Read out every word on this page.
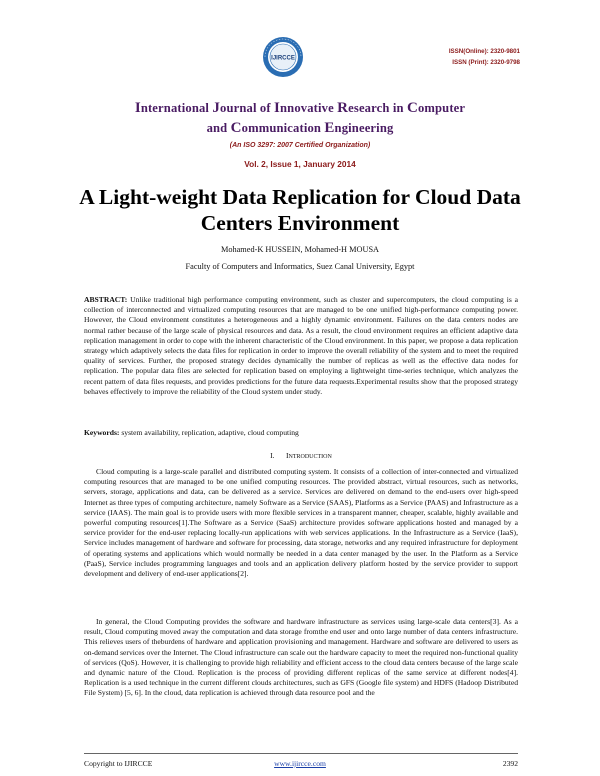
IJIRCCE
ISSN(Online): 2320-9801
ISSN (Print): 2320-9798
International Journal of Innovative Research in Computer
and Communication Engineering
(An ISO 3297: 2007 Certified Organization)
Vol. 2, Issue 1, January 2014
A Light-weight Data Replication for Cloud Data
Centers Environment
Mohamed-K HUSSEIN, Mohamed-H MOUSA
Faculty of Computers and Informatics, Suez Canal University, Egypt

ABSTRACT: Unlike traditional high performance computing environment, such as cluster and supercomputers, the cloud computing is a collection of interconnected and virtualized computing resources that are managed to be one unified high-performance computing power. However, the Cloud environment constitutes a heterogeneous and a highly dynamic environment. Failures on the data centers nodes are normal rather because of the large scale of physical resources and data. As a result, the cloud environment requires an efficient adaptive data replication management in order to cope with the inherent characteristic of the Cloud environment. In this paper, we propose a data replication strategy which adaptively selects the data files for replication in order to improve the overall reliability of the system and to meet the required quality of services. Further, the proposed strategy decides dynamically the number of replicas as well as the effective data nodes for replication. The popular data files are selected for replication based on employing a lightweight time-series technique, which analyzes the recent pattern of data files requests, and provides predictions for the future data requests.Experimental results show that the proposed strategy behaves effectively to improve the reliability of the Cloud system under study.

Keywords: system availability, replication, adaptive, cloud computing

I. INTRODUCTION

Cloud computing is a large-scale parallel and distributed computing system. It consists of a collection of inter-connected and virtualized computing resources that are managed to be one unified computing resources. The provided abstract, virtual resources, such as networks, servers, storage, applications and data, can be delivered as a service. Services are delivered on demand to the end-users over high-speed Internet as three types of computing architecture, namely Software as a Service (SAAS), Platforms as a Service (PAAS) and Infrastructure as a service (IAAS). The main goal is to provide users with more flexible services in a transparent manner, cheaper, scalable, highly available and powerful computing resources[1].The Software as a Service (SaaS) architecture provides software applications hosted and managed by a service provider for the end-user replacing locally-run applications with web services applications. In the Infrastructure as a Service (IaaS), Service includes management of hardware and software for processing, data storage, networks and any required infrastructure for deployment of operating systems and applications which would normally be needed in a data center managed by the user. In the Platform as a Service (PaaS), Service includes programming languages and tools and an application delivery platform hosted by the service provider to support development and delivery of end-user applications[2].

In general, the Cloud Computing provides the software and hardware infrastructure as services using large-scale data centers[3]. As a result, Cloud computing moved away the computation and data storage fromthe end user and onto large number of data centers infrastructure. This relieves users of theburdens of hardware and application provisioning and management. Hardware and software are delivered to users as on-demand services over the Internet. The Cloud infrastructure can scale out the hardware capacity to meet the required non-functional quality of services (QoS). However, it is challenging to provide high reliability and efficient access to the cloud data centers because of the large scale and dynamic nature of the Cloud. Replication is the process of providing different replicas of the same service at different nodes[4]. Replication is a used technique in the current different clouds architectures, such as GFS (Google file system) and HDFS (Hadoop Distributed File System) [5, 6]. In the cloud, data replication is achieved through data resource pool and the

Copyright to IJIRCCE	www.ijircce.com	2392
